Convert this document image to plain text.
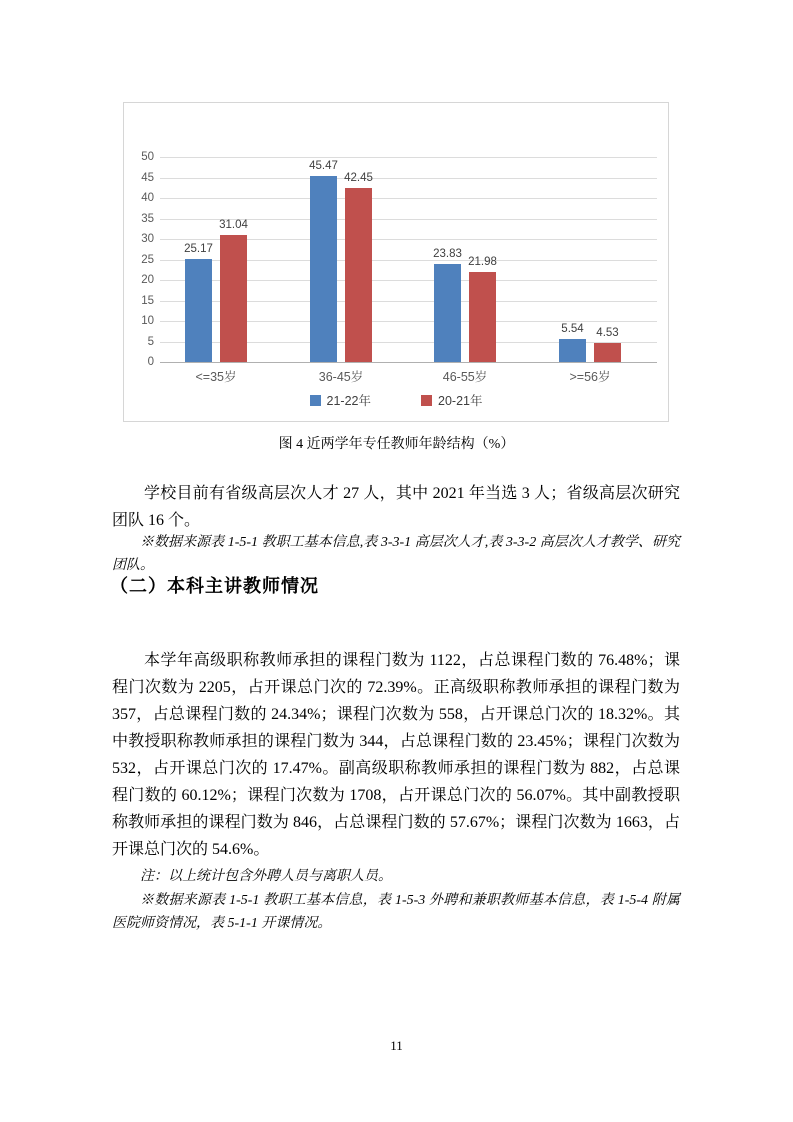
0
5
10
15
20
25
30
35
40
45
50
25.17
31.04
<=35岁
45.47
42.45
36-45岁
23.83
21.98
46-55岁
5.54	4.53
>=56岁
21-22年	20-21年
图 4 近两学年专任教师年龄结构（%）

学校目前有省级高层次人才 27 人，其中 2021 年当选 3 人；省级高层次研究团队 16 个。

※数据来源表 1-5-1 教职工基本信息,表 3-3-1 高层次人才,表 3-3-2 高层次人才教学、研究团队。

（二）本科主讲教师情况

本学年高级职称教师承担的课程门数为 1122，占总课程门数的 76.48%；课程门次数为 2205，占开课总门次的 72.39%。正高级职称教师承担的课程门数为 357，占总课程门数的 24.34%；课程门次数为 558，占开课总门次的 18.32%。其中教授职称教师承担的课程门数为 344，占总课程门数的 23.45%；课程门次数为 532，占开课总门次的 17.47%。副高级职称教师承担的课程门数为 882，占总课程门数的 60.12%；课程门次数为 1708，占开课总门次的 56.07%。其中副教授职称教师承担的课程门数为 846，占总课程门数的 57.67%；课程门次数为 1663，占开课总门次的 54.6%。

注：以上统计包含外聘人员与离职人员。

※数据来源表 1-5-1 教职工基本信息，表 1-5-3 外聘和兼职教师基本信息，表 1-5-4 附属医院师资情况，表 5-1-1 开课情况。

11
